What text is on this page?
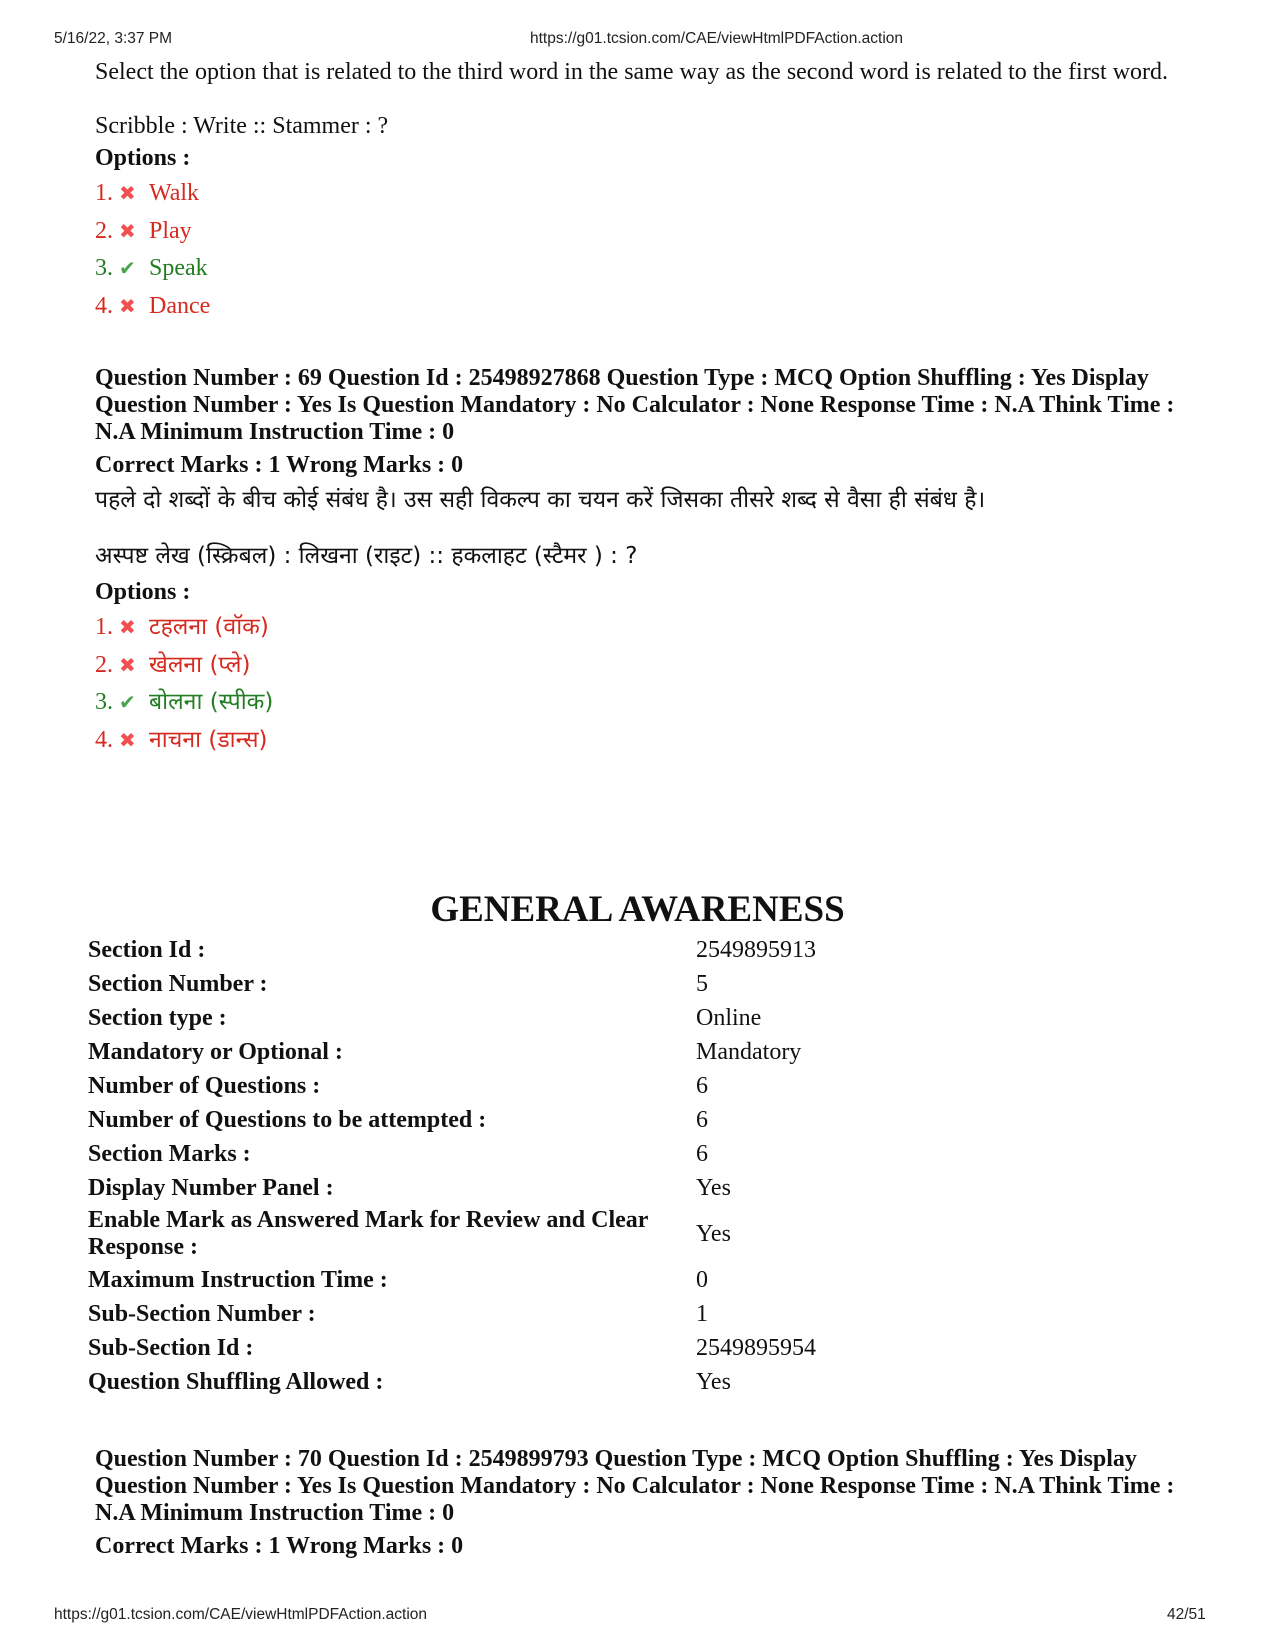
5/16/22, 3:37 PM	https://g01.tcsion.com/CAE/viewHtmlPDFAction.action

Select the option that is related to the third word in the same way as the second word is related to the first word.

Scribble : Write :: Stammer : ?

Options :

1. ✖ Walk
2. ✖ Play
3. ✔ Speak
4. ✖ Dance

Question Number : 69 Question Id : 25498927868 Question Type : MCQ Option Shuffling : Yes Display Question Number : Yes Is Question Mandatory : No Calculator : None Response Time : N.A Think Time : N.A Minimum Instruction Time : 0

Correct Marks : 1 Wrong Marks : 0

पहले दो शब्दों के बीच कोई संबंध है। उस सही विकल्प का चयन करें जिसका तीसरे शब्द से वैसा ही संबंध है।

अस्पष्ट लेख (स्क्रिबल) : लिखना (राइट) :: हकलाहट (स्टैमर ) : ?

Options :

1. ✖ टहलना (वॉक)
2. ✖ खेलना (प्ले)
3. ✔ बोलना (स्पीक)
4. ✖ नाचना (डान्स)
GENERAL AWARENESS
Section Id :	2549895913
Section Number :	5
Section type :	Online
Mandatory or Optional :	Mandatory
Number of Questions :	6
Number of Questions to be attempted :	6
Section Marks :	6
Display Number Panel :	Yes
Enable Mark as Answered Mark for Review and Clear Response :	Yes
Maximum Instruction Time :	0
Sub-Section Number :	1
Sub-Section Id :	2549895954
Question Shuffling Allowed :	Yes

Question Number : 70 Question Id : 2549899793 Question Type : MCQ Option Shuffling : Yes Display Question Number : Yes Is Question Mandatory : No Calculator : None Response Time : N.A Think Time : N.A Minimum Instruction Time : 0

Correct Marks : 1 Wrong Marks : 0

https://g01.tcsion.com/CAE/viewHtmlPDFAction.action	42/51
